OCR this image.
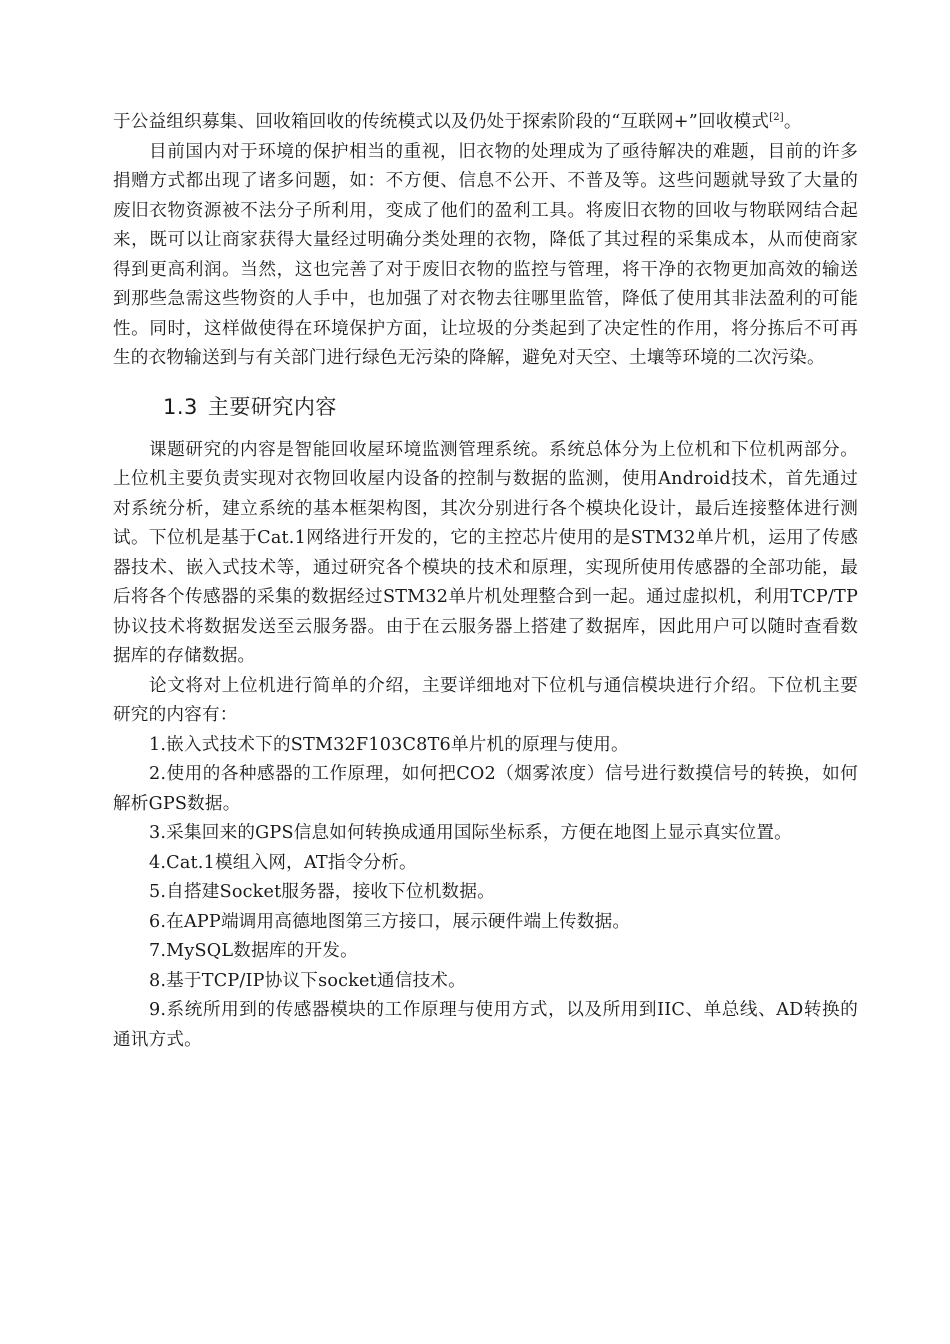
于公益组织募集、回收箱回收的传统模式以及仍处于探索阶段的“互联网+”回收模式[2]。

目前国内对于环境的保护相当的重视，旧衣物的处理成为了亟待解决的难题，目前的许多捐赠方式都出现了诸多问题，如：不方便、信息不公开、不普及等。这些问题就导致了大量的废旧衣物资源被不法分子所利用，变成了他们的盈利工具。将废旧衣物的回收与物联网结合起来，既可以让商家获得大量经过明确分类处理的衣物，降低了其过程的采集成本，从而使商家得到更高利润。当然，这也完善了对于废旧衣物的监控与管理，将干净的衣物更加高效的输送到那些急需这些物资的人手中，也加强了对衣物去往哪里监管，降低了使用其非法盈利的可能性。同时，这样做使得在环境保护方面，让垃圾的分类起到了决定性的作用，将分拣后不可再生的衣物输送到与有关部门进行绿色无污染的降解，避免对天空、土壤等环境的二次污染。

1.3 主要研究内容

课题研究的内容是智能回收屋环境监测管理系统。系统总体分为上位机和下位机两部分。上位机主要负责实现对衣物回收屋内设备的控制与数据的监测，使用Android技术，首先通过对系统分析，建立系统的基本框架构图，其次分别进行各个模块化设计，最后连接整体进行测试。下位机是基于Cat.1网络进行开发的，它的主控芯片使用的是STM32单片机，运用了传感器技术、嵌入式技术等，通过研究各个模块的技术和原理，实现所使用传感器的全部功能，最后将各个传感器的采集的数据经过STM32单片机处理整合到一起。通过虚拟机，利用TCP/TP协议技术将数据发送至云服务器。由于在云服务器上搭建了数据库，因此用户可以随时查看数据库的存储数据。

论文将对上位机进行简单的介绍，主要详细地对下位机与通信模块进行介绍。下位机主要研究的内容有：

1.嵌入式技术下的STM32F103C8T6单片机的原理与使用。

2.使用的各种感器的工作原理，如何把CO2（烟雾浓度）信号进行数摸信号的转换，如何解析GPS数据。

3.采集回来的GPS信息如何转换成通用国际坐标系，方便在地图上显示真实位置。

4.Cat.1模组入网，AT指令分析。

5.自搭建Socket服务器，接收下位机数据。

6.在APP端调用高德地图第三方接口，展示硬件端上传数据。

7.MySQL数据库的开发。

8.基于TCP/IP协议下socket通信技术。

9.系统所用到的传感器模块的工作原理与使用方式，以及所用到IIC、单总线、AD转换的通讯方式。
